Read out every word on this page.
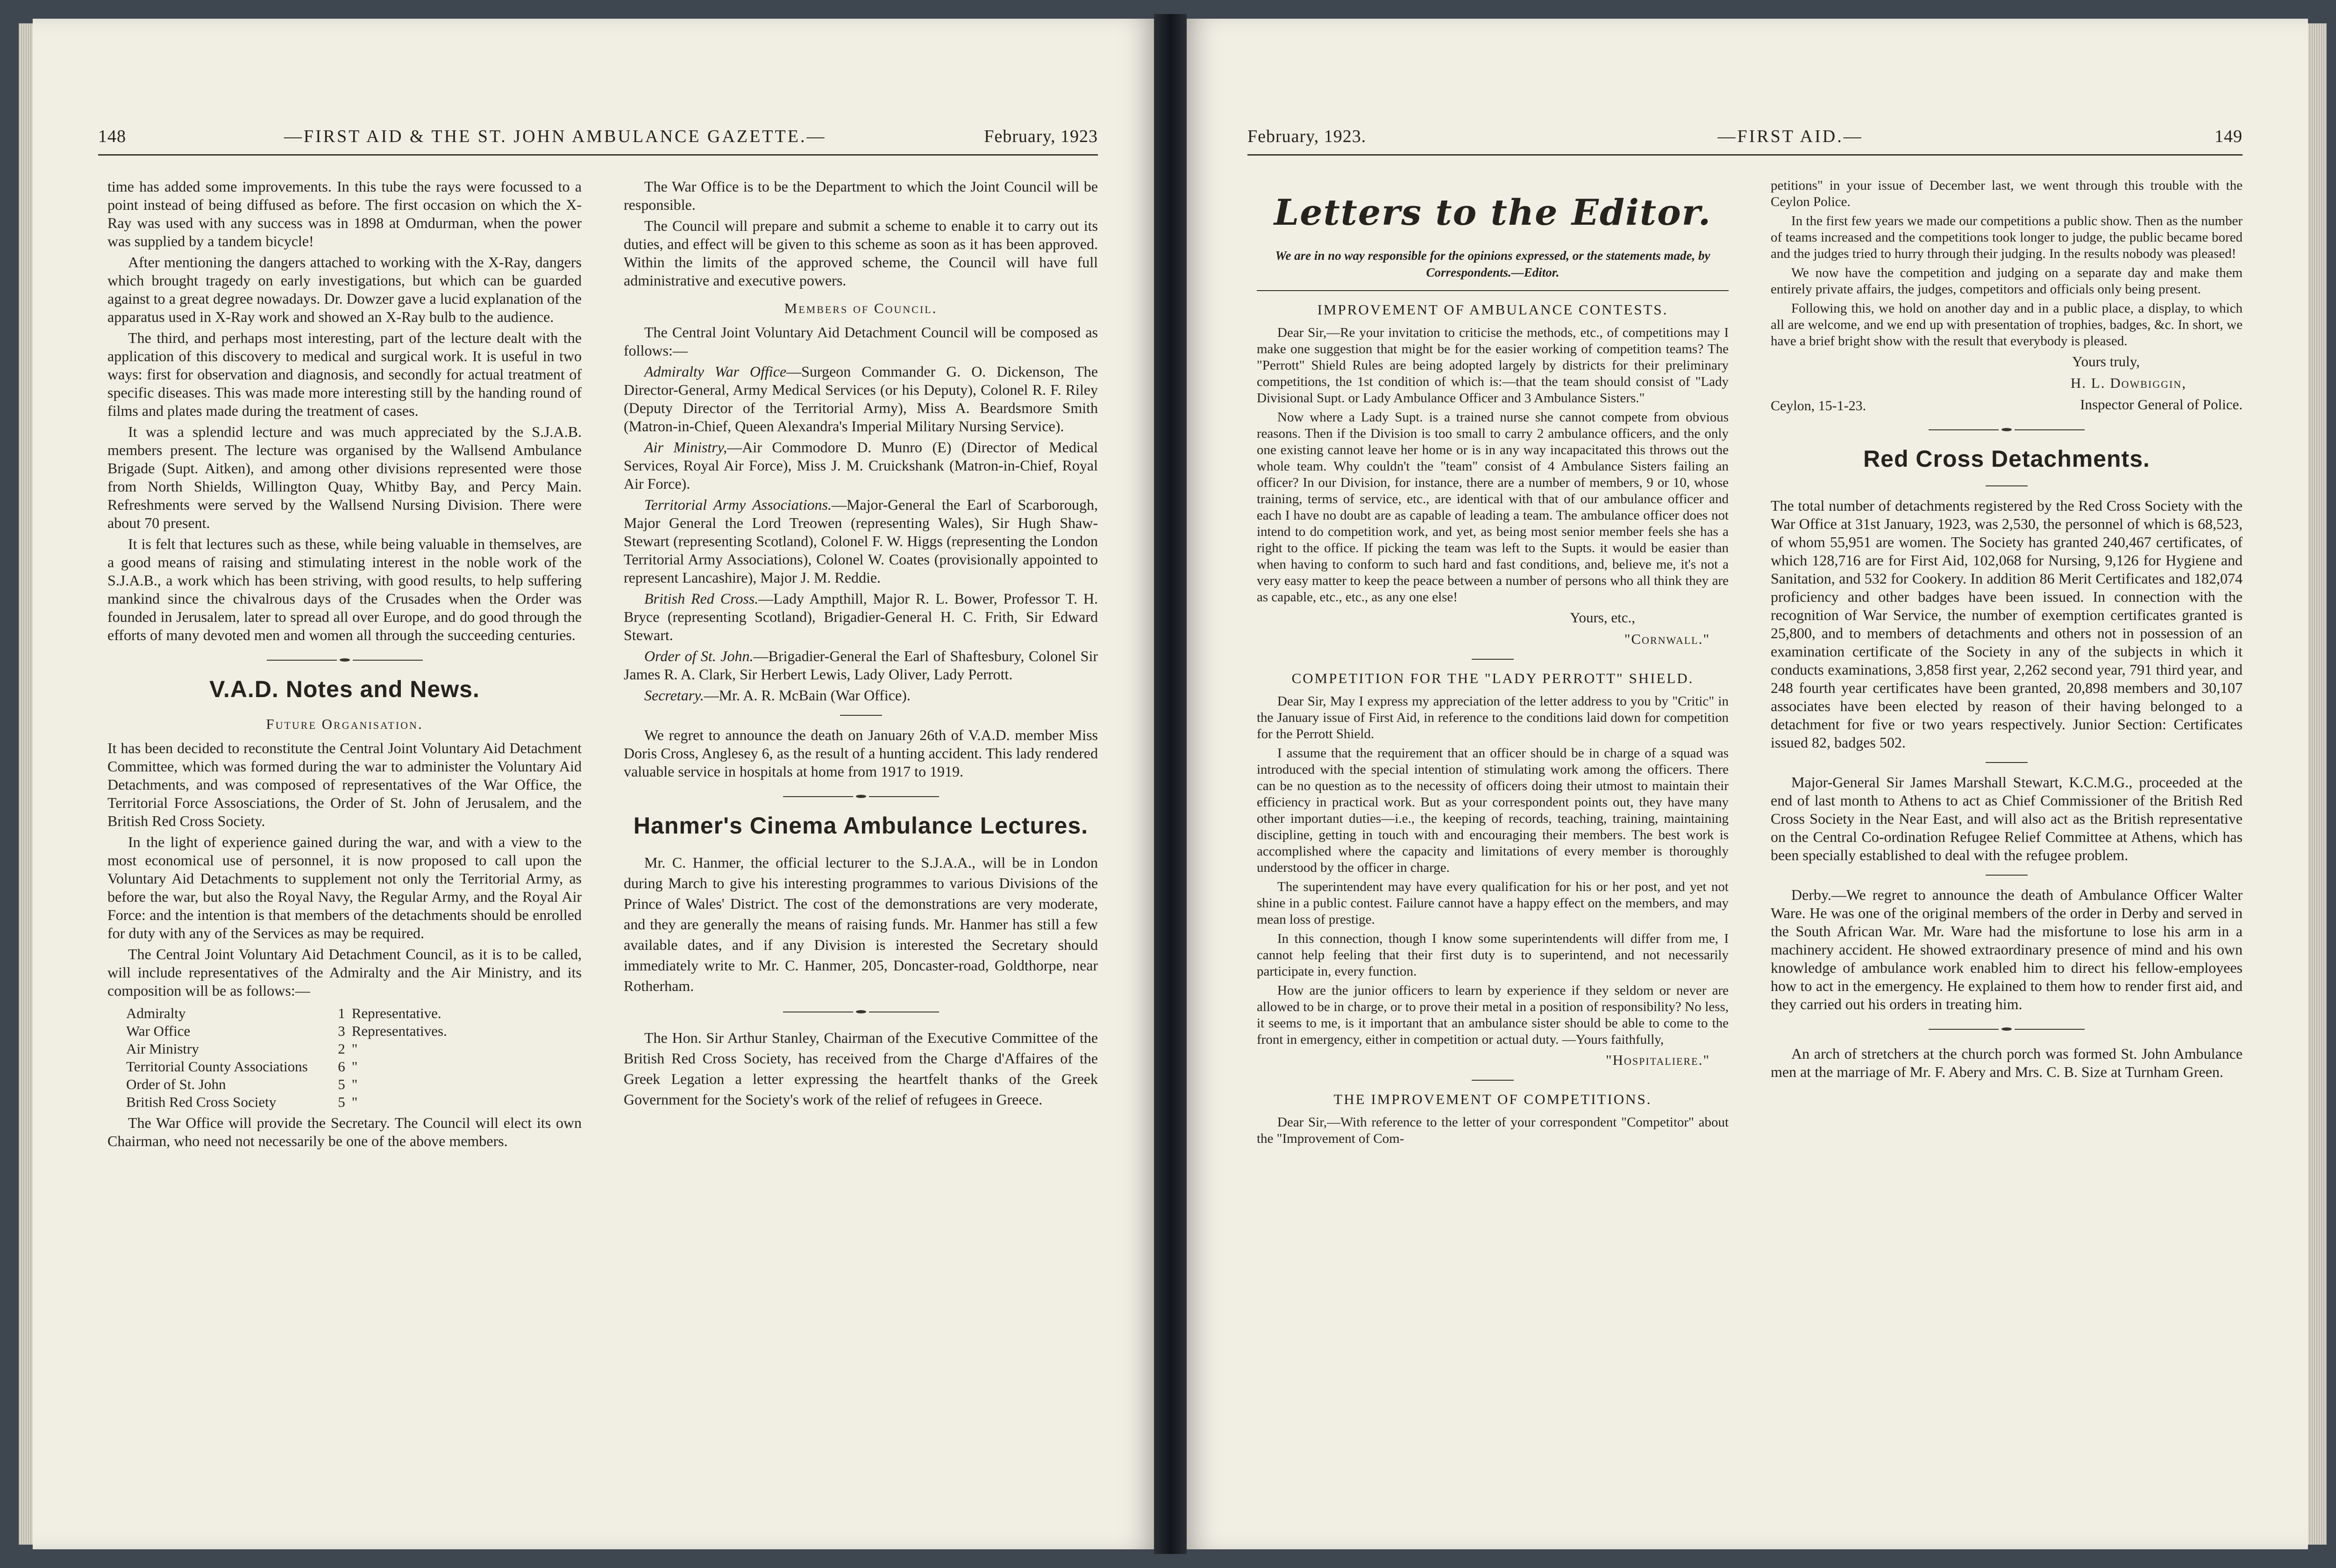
148	—FIRST AID & THE ST. JOHN AMBULANCE GAZETTE.—	February, 1923

time has added some improvements. In this tube the rays were focussed to a point instead of being diffused as before. The first occasion on which the X-Ray was used with any success was in 1898 at Omdurman, when the power was supplied by a tandem bicycle!

After mentioning the dangers attached to working with the X-Ray, dangers which brought tragedy on early investigations, but which can be guarded against to a great degree nowadays. Dr. Dowzer gave a lucid explanation of the apparatus used in X-Ray work and showed an X-Ray bulb to the audience.

The third, and perhaps most interesting, part of the lecture dealt with the application of this discovery to medical and surgical work. It is useful in two ways: first for observation and diagnosis, and secondly for actual treatment of specific diseases. This was made more interesting still by the handing round of films and plates made during the treatment of cases.

It was a splendid lecture and was much appreciated by the S.J.A.B. members present. The lecture was organised by the Wallsend Ambulance Brigade (Supt. Aitken), and among other divisions represented were those from North Shields, Willington Quay, Whitby Bay, and Percy Main. Refreshments were served by the Wallsend Nursing Division. There were about 70 present.

It is felt that lectures such as these, while being valuable in themselves, are a good means of raising and stimulating interest in the noble work of the S.J.A.B., a work which has been striving, with good results, to help suffering mankind since the chivalrous days of the Crusades when the Order was founded in Jerusalem, later to spread all over Europe, and do good through the efforts of many devoted men and women all through the succeeding centuries.

V.A.D. Notes and News.
Future Organisation.

It has been decided to reconstitute the Central Joint Voluntary Aid Detachment Committee, which was formed during the war to administer the Voluntary Aid Detachments, and was composed of representatives of the War Office, the Territorial Force Assosciations, the Order of St. John of Jerusalem, and the British Red Cross Society.

In the light of experience gained during the war, and with a view to the most economical use of personnel, it is now proposed to call upon the Voluntary Aid Detachments to supplement not only the Territorial Army, as before the war, but also the Royal Navy, the Regular Army, and the Royal Air Force: and the intention is that members of the detachments should be enrolled for duty with any of the Services as may be required.

The Central Joint Voluntary Aid Detachment Council, as it is to be called, will include representatives of the Admiralty and the Air Ministry, and its composition will be as follows:—

Admiralty	1	Representative.
War Office	3	Representatives.
Air Ministry	2	"
Territorial County Associations	6	"
Order of St. John	5	"
British Red Cross Society	5	"

The War Office will provide the Secretary. The Council will elect its own Chairman, who need not necessarily be one of the above members.

The War Office is to be the Department to which the Joint Council will be responsible.

The Council will prepare and submit a scheme to enable it to carry out its duties, and effect will be given to this scheme as soon as it has been approved. Within the limits of the approved scheme, the Council will have full administrative and executive powers.

Members of Council.

The Central Joint Voluntary Aid Detachment Council will be composed as follows:—

Admiralty War Office—Surgeon Commander G. O. Dickenson, The Director-General, Army Medical Services (or his Deputy), Colonel R. F. Riley (Deputy Director of the Territorial Army), Miss A. Beardsmore Smith (Matron-in-Chief, Queen Alexandra's Imperial Military Nursing Service).

Air Ministry,—Air Commodore D. Munro (E) (Director of Medical Services, Royal Air Force), Miss J. M. Cruickshank (Matron-in-Chief, Royal Air Force).

Territorial Army Associations.—Major-General the Earl of Scarborough, Major General the Lord Treowen (representing Wales), Sir Hugh Shaw-Stewart (representing Scotland), Colonel F. W. Higgs (representing the London Territorial Army Associations), Colonel W. Coates (provisionally appointed to represent Lancashire), Major J. M. Reddie.

British Red Cross.—Lady Ampthill, Major R. L. Bower, Professor T. H. Bryce (representing Scotland), Brigadier-General H. C. Frith, Sir Edward Stewart.

Order of St. John.—Brigadier-General the Earl of Shaftesbury, Colonel Sir James R. A. Clark, Sir Herbert Lewis, Lady Oliver, Lady Perrott.

Secretary.—Mr. A. R. McBain (War Office).

We regret to announce the death on January 26th of V.A.D. member Miss Doris Cross, Anglesey 6, as the result of a hunting accident. This lady rendered valuable service in hospitals at home from 1917 to 1919.

Hanmer's Cinema Ambulance Lectures.

Mr. C. Hanmer, the official lecturer to the S.J.A.A., will be in London during March to give his interesting programmes to various Divisions of the Prince of Wales' District. The cost of the demonstrations are very moderate, and they are generally the means of raising funds. Mr. Hanmer has still a few available dates, and if any Division is interested the Secretary should immediately write to Mr. C. Hanmer, 205, Doncaster-road, Goldthorpe, near Rotherham.

The Hon. Sir Arthur Stanley, Chairman of the Executive Committee of the British Red Cross Society, has received from the Charge d'Affaires of the Greek Legation a letter expressing the heartfelt thanks of the Greek Government for the Society's work of the relief of refugees in Greece.

February, 1923.	—FIRST AID.—	149
Letters to the Editor.
We are in no way responsible for the opinions expressed, or the statements made, by Correspondents.—Editor.
IMPROVEMENT OF AMBULANCE CONTESTS.

Dear Sir,—Re your invitation to criticise the methods, etc., of competitions may I make one suggestion that might be for the easier working of competition teams? The "Perrott" Shield Rules are being adopted largely by districts for their preliminary competitions, the 1st condition of which is:—that the team should consist of "Lady Divisional Supt. or Lady Ambulance Officer and 3 Ambulance Sisters."

Now where a Lady Supt. is a trained nurse she cannot compete from obvious reasons. Then if the Division is too small to carry 2 ambulance officers, and the only one existing cannot leave her home or is in any way incapacitated this throws out the whole team. Why couldn't the "team" consist of 4 Ambulance Sisters failing an officer? In our Division, for instance, there are a number of members, 9 or 10, whose training, terms of service, etc., are identical with that of our ambulance officer and each I have no doubt are as capable of leading a team. The ambulance officer does not intend to do competition work, and yet, as being most senior member feels she has a right to the office. If picking the team was left to the Supts. it would be easier than when having to conform to such hard and fast conditions, and, believe me, it's not a very easy matter to keep the peace between a number of persons who all think they are as capable, etc., etc., as any one else!

Yours, etc.,
"Cornwall."
COMPETITION FOR THE "LADY PERROTT" SHIELD.

Dear Sir, May I express my appreciation of the letter address to you by "Critic" in the January issue of First Aid, in reference to the conditions laid down for competition for the Perrott Shield.

I assume that the requirement that an officer should be in charge of a squad was introduced with the special intention of stimulating work among the officers. There can be no question as to the necessity of officers doing their utmost to maintain their efficiency in practical work. But as your correspondent points out, they have many other important duties—i.e., the keeping of records, teaching, training, maintaining discipline, getting in touch with and encouraging their members. The best work is accomplished where the capacity and limitations of every member is thoroughly understood by the officer in charge.

The superintendent may have every qualification for his or her post, and yet not shine in a public contest. Failure cannot have a happy effect on the members, and may mean loss of prestige.

In this connection, though I know some superintendents will differ from me, I cannot help feeling that their first duty is to superintend, and not necessarily participate in, every function.

How are the junior officers to learn by experience if they seldom or never are allowed to be in charge, or to prove their metal in a position of responsibility? No less, it seems to me, is it important that an ambulance sister should be able to come to the front in emergency, either in competition or actual duty. —Yours faithfully,

"Hospitaliere."
THE IMPROVEMENT OF COMPETITIONS.

Dear Sir,—With reference to the letter of your correspondent "Competitor" about the "Improvement of Com-

petitions" in your issue of December last, we went through this trouble with the Ceylon Police.

In the first few years we made our competitions a public show. Then as the number of teams increased and the competitions took longer to judge, the public became bored and the judges tried to hurry through their judging. In the results nobody was pleased!

We now have the competition and judging on a separate day and make them entirely private affairs, the judges, competitors and officials only being present.

Following this, we hold on another day and in a public place, a display, to which all are welcome, and we end up with presentation of trophies, badges, &c. In short, we have a brief bright show with the result that everybody is pleased.

Yours truly,
H. L. Dowbiggin,
Ceylon, 15-1-23.	Inspector General of Police.
Red Cross Detachments.

The total number of detachments registered by the Red Cross Society with the War Office at 31st January, 1923, was 2,530, the personnel of which is 68,523, of whom 55,951 are women. The Society has granted 240,467 certificates, of which 128,716 are for First Aid, 102,068 for Nursing, 9,126 for Hygiene and Sanitation, and 532 for Cookery. In addition 86 Merit Certificates and 182,074 proficiency and other badges have been issued. In connection with the recognition of War Service, the number of exemption certificates granted is 25,800, and to members of detachments and others not in possession of an examination certificate of the Society in any of the subjects in which it conducts examinations, 3,858 first year, 2,262 second year, 791 third year, and 248 fourth year certificates have been granted, 20,898 members and 30,107 associates have been elected by reason of their having belonged to a detachment for five or two years respectively. Junior Section: Certificates issued 82, badges 502.

Major-General Sir James Marshall Stewart, K.C.M.G., proceeded at the end of last month to Athens to act as Chief Commissioner of the British Red Cross Society in the Near East, and will also act as the British representative on the Central Co-ordination Refugee Relief Committee at Athens, which has been specially established to deal with the refugee problem.

Derby.—We regret to announce the death of Ambulance Officer Walter Ware. He was one of the original members of the order in Derby and served in the South African War. Mr. Ware had the misfortune to lose his arm in a machinery accident. He showed extraordinary presence of mind and his own knowledge of ambulance work enabled him to direct his fellow-employees how to act in the emergency. He explained to them how to render first aid, and they carried out his orders in treating him.

An arch of stretchers at the church porch was formed St. John Ambulance men at the marriage of Mr. F. Abery and Mrs. C. B. Size at Turnham Green.
